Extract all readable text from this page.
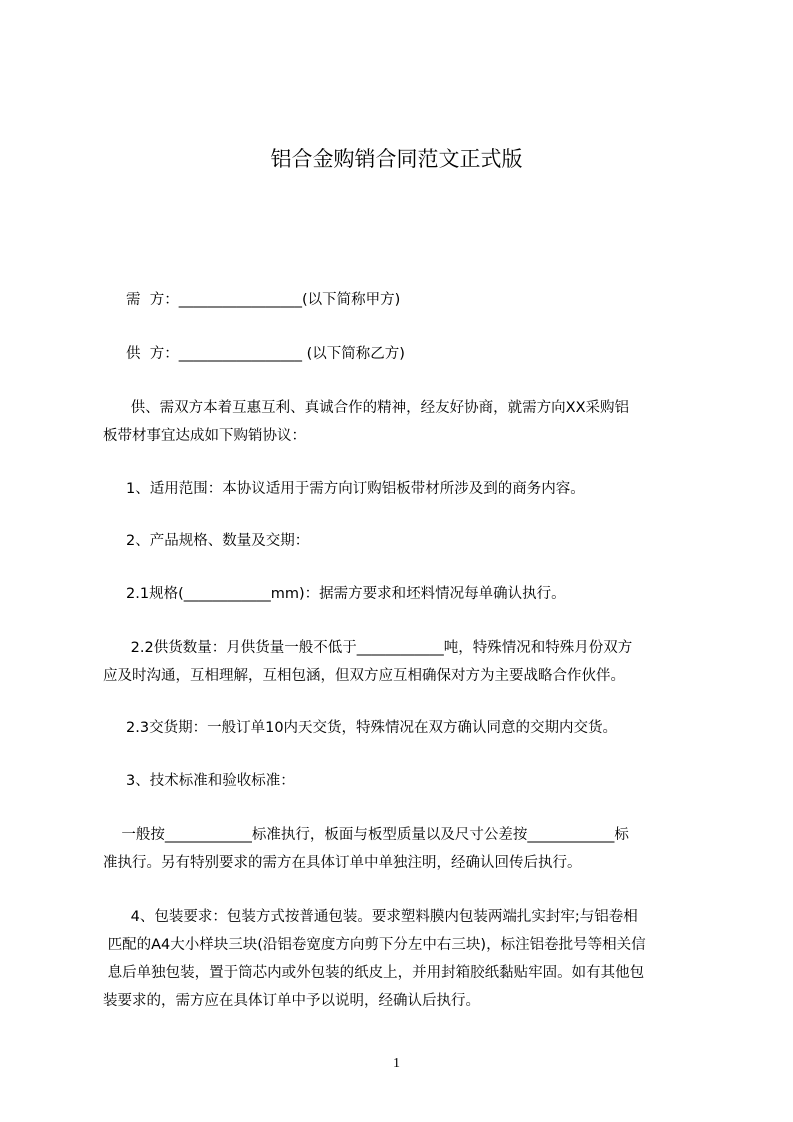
铝合金购销合同范文正式版

需  方：_________________(以下简称甲方)

供  方：_________________ (以下简称乙方)

供、需双方本着互惠互利、真诚合作的精神，经友好协商，就需方向XX采购铝
板带材事宜达成如下购销协议：

1、适用范围：本协议适用于需方向订购铝板带材所涉及到的商务内容。

2、产品规格、数量及交期：

2.1规格(____________mm)：据需方要求和坯料情况每单确认执行。

2.2供货数量：月供货量一般不低于____________吨，特殊情况和特殊月份双方
应及时沟通，互相理解，互相包涵，但双方应互相确保对方为主要战略合作伙伴。

2.3交货期：一般订单10内天交货，特殊情况在双方确认同意的交期内交货。

3、技术标准和验收标准：

一般按____________标准执行，板面与板型质量以及尺寸公差按____________标
准执行。另有特别要求的需方在具体订单中单独注明，经确认回传后执行。

4、包装要求：包装方式按普通包装。要求塑料膜内包装两端扎实封牢;与铝卷相
匹配的A4大小样块三块(沿铝卷宽度方向剪下分左中右三块)，标注铝卷批号等相关信
息后单独包装，置于筒芯内或外包装的纸皮上，并用封箱胶纸黏贴牢固。如有其他包
装要求的，需方应在具体订单中予以说明，经确认后执行。

1
